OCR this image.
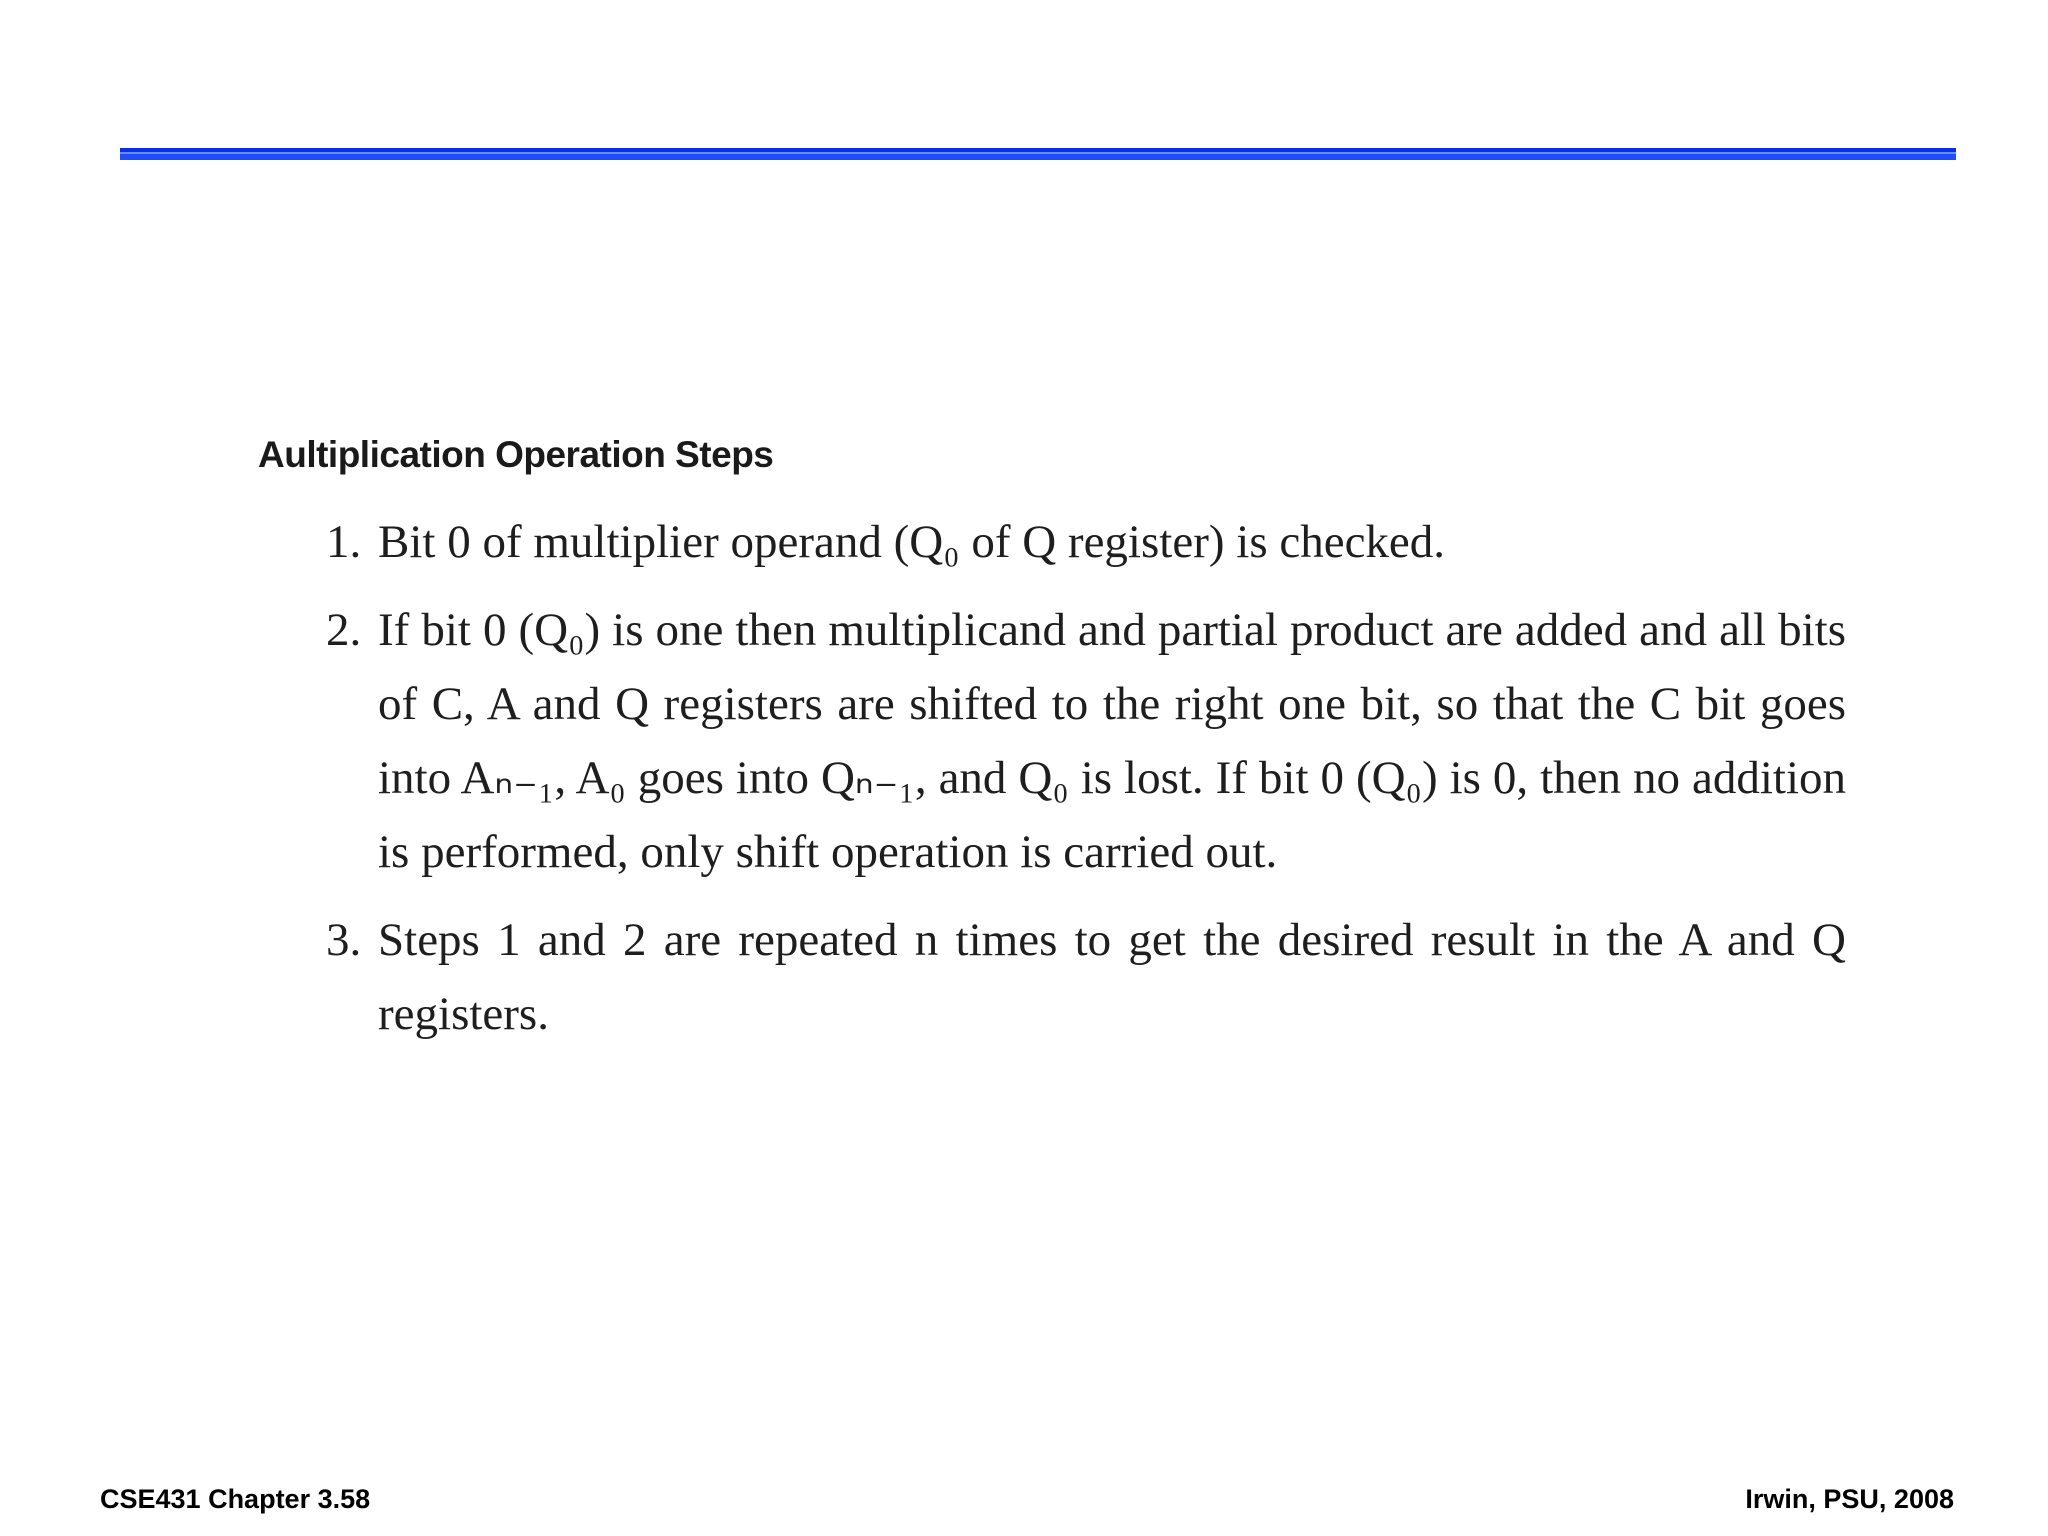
Aultiplication Operation Steps
1. Bit 0 of multiplier operand (Q₀ of Q register) is checked.
2. If bit 0 (Q₀) is one then multiplicand and partial product are added and all bits of C, A and Q registers are shifted to the right one bit, so that the C bit goes into Aₙ₋₁, A₀ goes into Qₙ₋₁, and Q₀ is lost. If bit 0 (Q₀) is 0, then no addition is performed, only shift operation is carried out.
3. Steps 1 and 2 are repeated n times to get the desired result in the A and Q registers.
CSE431 Chapter 3.58	Irwin, PSU, 2008
